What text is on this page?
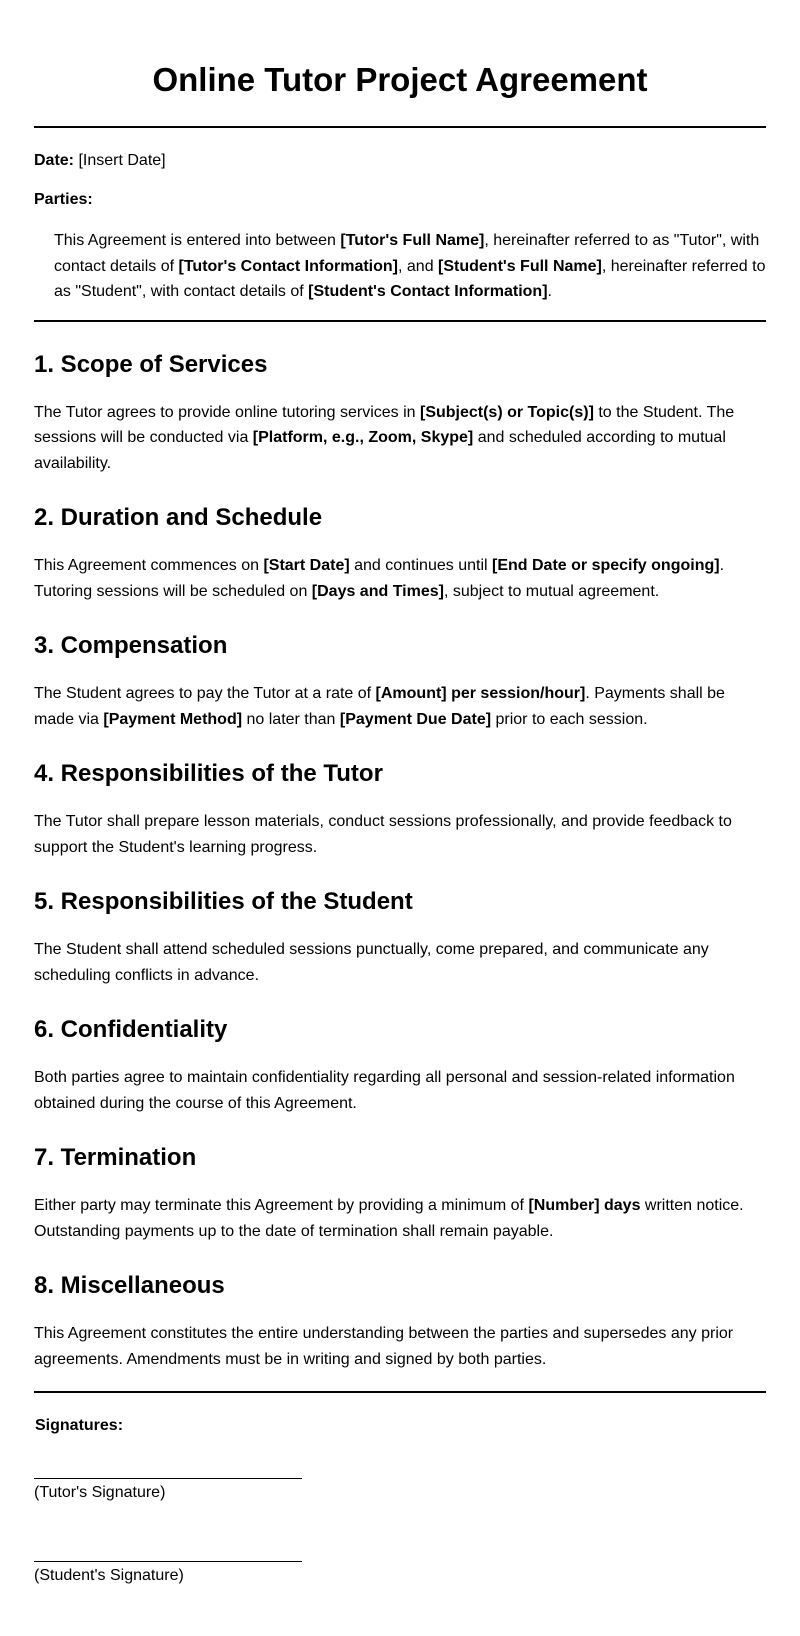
Online Tutor Project Agreement

Date: [Insert Date]

Parties:

This Agreement is entered into between [Tutor's Full Name], hereinafter referred to as "Tutor", with contact details of [Tutor's Contact Information], and [Student's Full Name], hereinafter referred to as "Student", with contact details of [Student's Contact Information].

1. Scope of Services

The Tutor agrees to provide online tutoring services in [Subject(s) or Topic(s)] to the Student. The sessions will be conducted via [Platform, e.g., Zoom, Skype] and scheduled according to mutual availability.

2. Duration and Schedule

This Agreement commences on [Start Date] and continues until [End Date or specify ongoing]. Tutoring sessions will be scheduled on [Days and Times], subject to mutual agreement.

3. Compensation

The Student agrees to pay the Tutor at a rate of [Amount] per session/hour]. Payments shall be made via [Payment Method] no later than [Payment Due Date] prior to each session.

4. Responsibilities of the Tutor

The Tutor shall prepare lesson materials, conduct sessions professionally, and provide feedback to support the Student's learning progress.

5. Responsibilities of the Student

The Student shall attend scheduled sessions punctually, come prepared, and communicate any scheduling conflicts in advance.

6. Confidentiality

Both parties agree to maintain confidentiality regarding all personal and session-related information obtained during the course of this Agreement.

7. Termination

Either party may terminate this Agreement by providing a minimum of [Number] days written notice. Outstanding payments up to the date of termination shall remain payable.

8. Miscellaneous

This Agreement constitutes the entire understanding between the parties and supersedes any prior agreements. Amendments must be in writing and signed by both parties.

Signatures:
(Tutor's Signature)
(Student's Signature)
